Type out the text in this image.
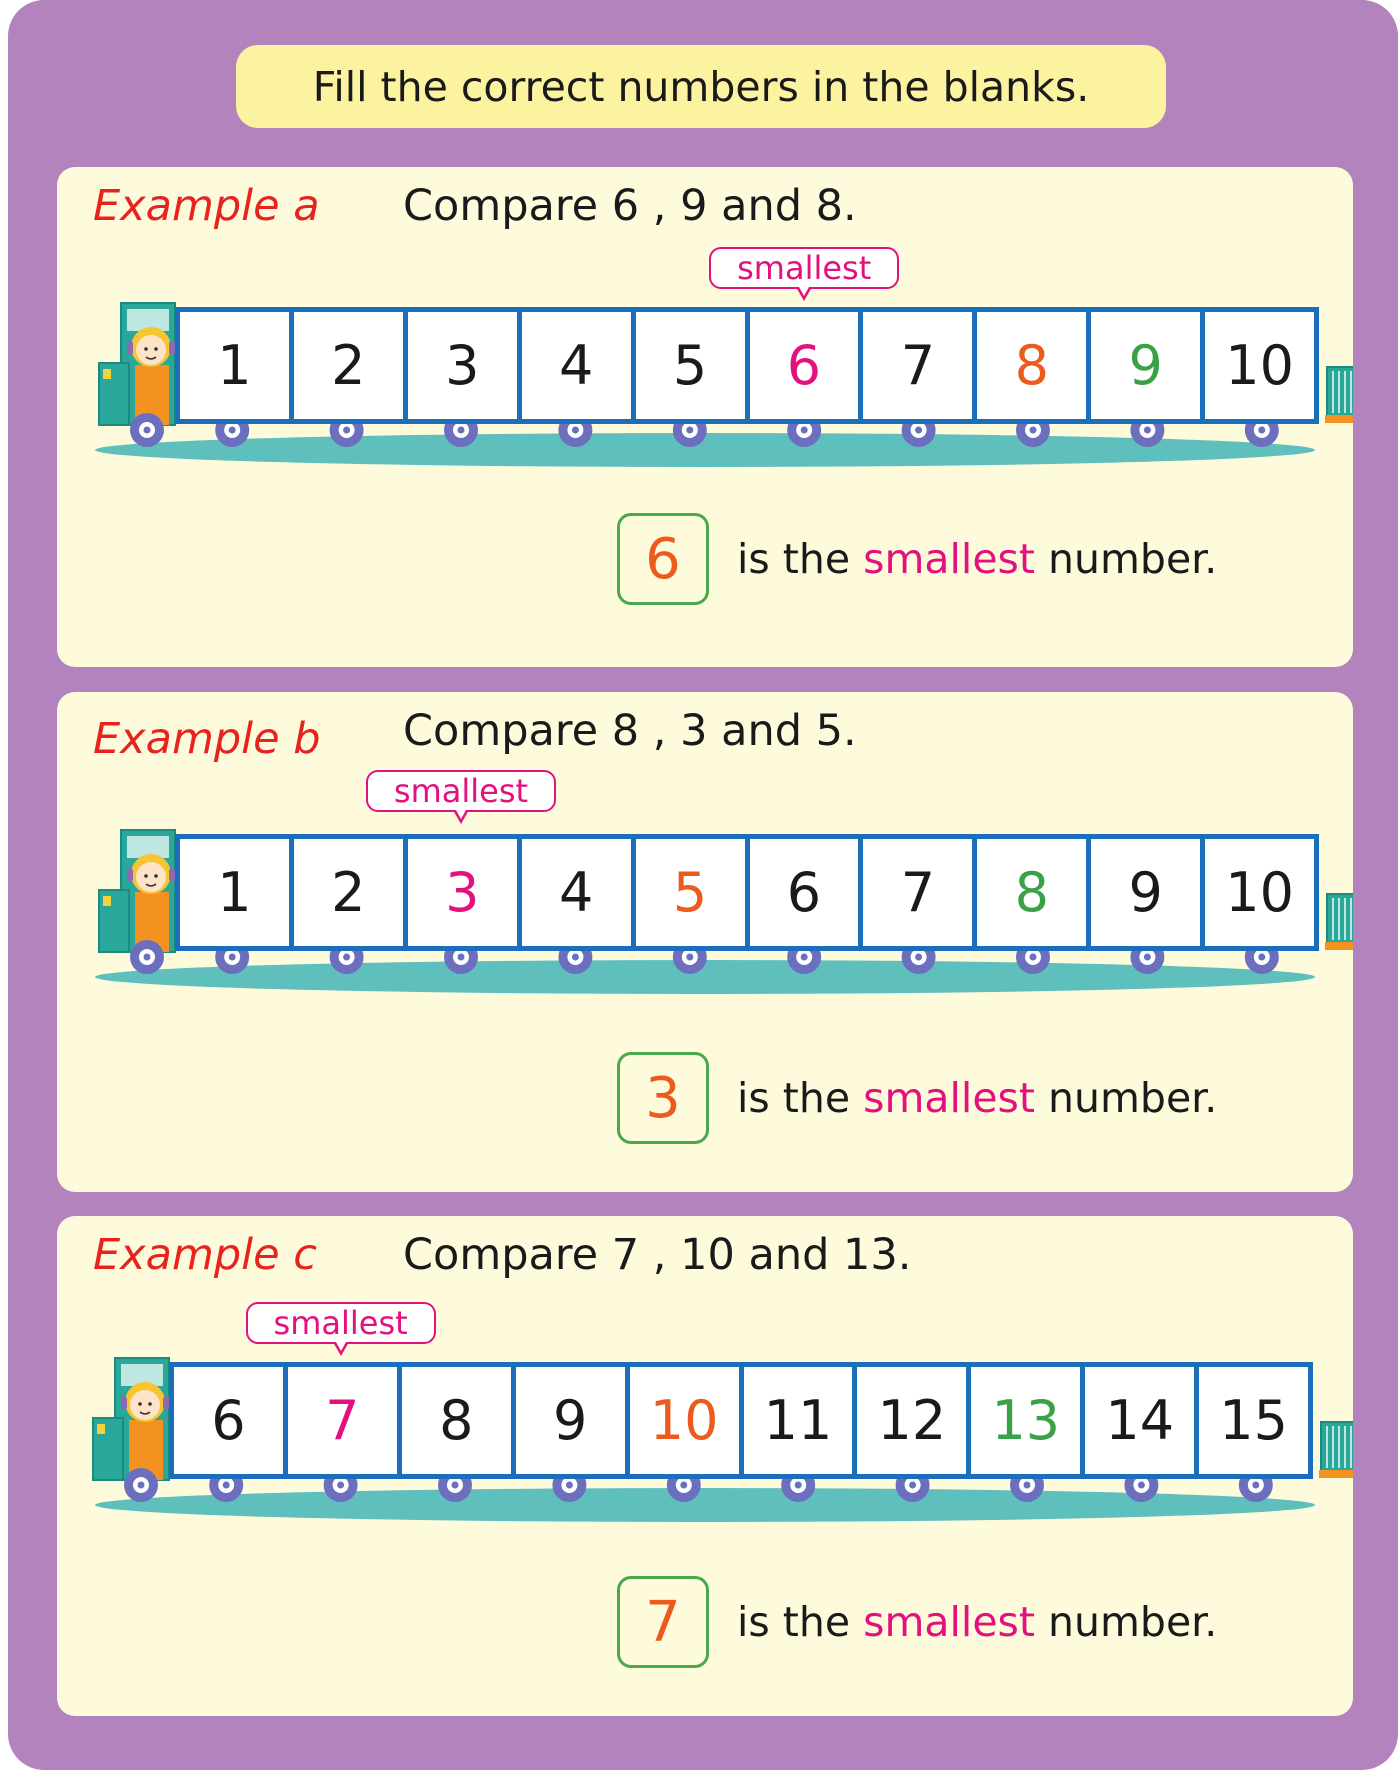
Fill the correct numbers in the blanks.
Example a Compare 6 , 9 and 8.
1	2	3	4	5	6	7	8	9	10
smallest
6	is the smallest number.
Example b Compare 8 , 3 and 5.
1	2	3	4	5	6	7	8	9	10
smallest
3	is the smallest number.
Example c Compare 7 , 10 and 13.
6	7	8	9	10 11 12 13 14 15
smallest
7	is the smallest number.
